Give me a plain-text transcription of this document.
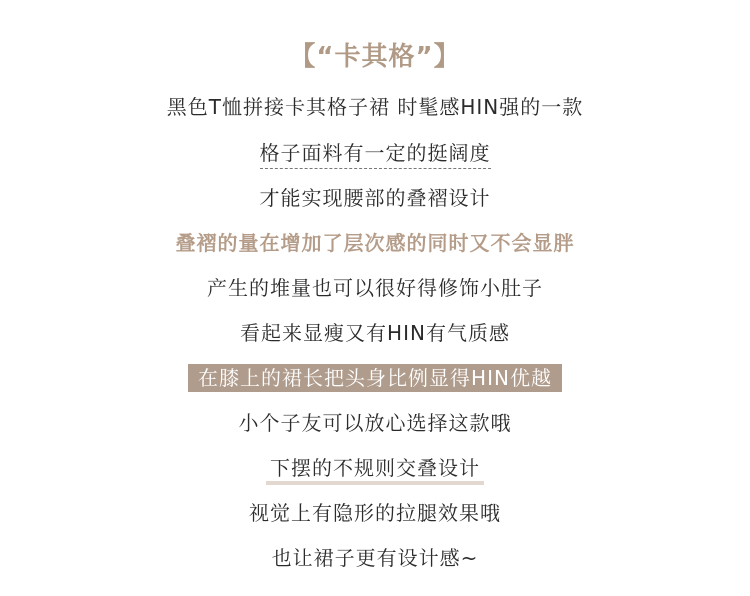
【“卡其格”】
黑色T恤拼接卡其格子裙 时髦感HIN强的一款
格子面料有一定的挺阔度
才能实现腰部的叠褶设计
叠褶的量在增加了层次感的同时又不会显胖
产生的堆量也可以很好得修饰小肚子
看起来显瘦又有HIN有气质感
在膝上的裙长把头身比例显得HIN优越
小个子友可以放心选择这款哦
下摆的不规则交叠设计
视觉上有隐形的拉腿效果哦
也让裙子更有设计感~
